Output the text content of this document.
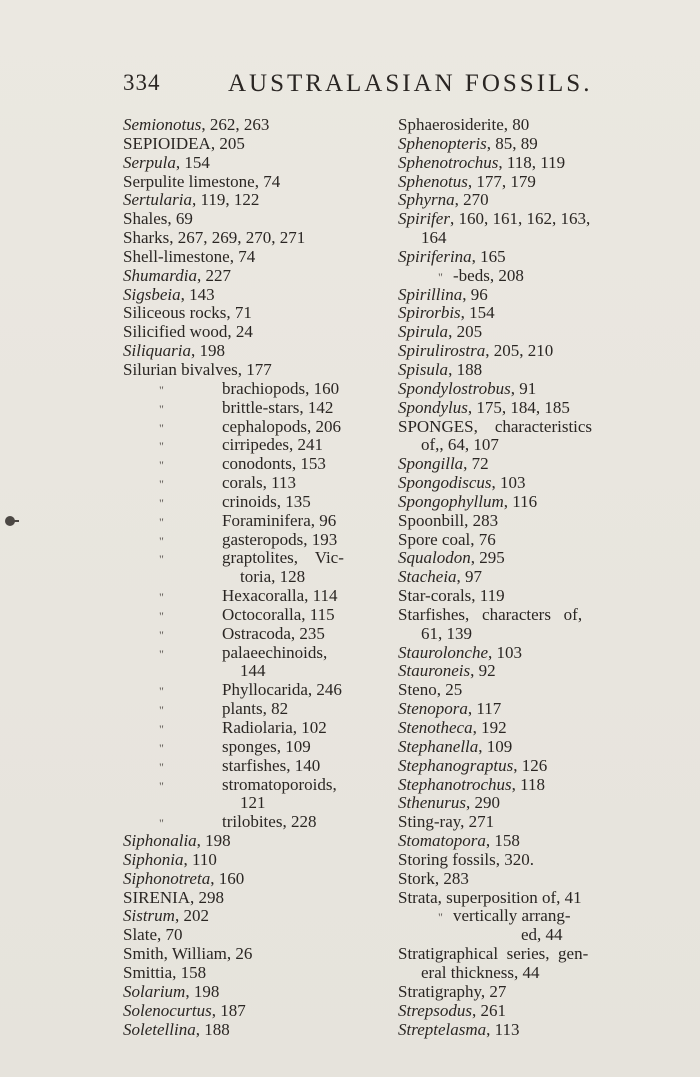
334	AUSTRALASIAN FOSSILS.
Semionotus, 262, 263
SEPIOIDEA, 205
Serpula, 154
Serpulite limestone, 74
Sertularia, 119, 122
Shales, 69
Sharks, 267, 269, 270, 271
Shell-limestone, 74
Shumardia, 227
Sigsbeia, 143
Siliceous rocks, 71
Silicified wood, 24
Siliquaria, 198
Silurian bivalves, 177
"	brachiopods, 160
"	brittle-stars, 142
"	cephalopods, 206
"	cirripedes, 241
"	conodonts, 153
"	corals, 113
"	crinoids, 135
"	Foraminifera, 96
"	gasteropods, 193
"	graptolites,    Vic-
toria, 128
"	Hexacoralla, 114
"	Octocoralla, 115
"	Ostracoda, 235
"	palaeechinoids,
144
"	Phyllocarida, 246
"	plants, 82
"	Radiolaria, 102
"	sponges, 109
"	starfishes, 140
"	stromatoporoids,
121
"	trilobites, 228
Siphonalia, 198
Siphonia, 110
Siphonotreta, 160
SIRENIA, 298
Sistrum, 202
Slate, 70
Smith, William, 26
Smittia, 158
Solarium, 198
Solenocurtus, 187
Soletellina, 188
Sphaerosiderite, 80
Sphenopteris, 85, 89
Sphenotrochus, 118, 119
Sphenotus, 177, 179
Sphyrna, 270
Spirifer, 160, 161, 162, 163,
164
Spiriferina, 165
" -beds, 208
Spirillina, 96
Spirorbis, 154
Spirula, 205
Spirulirostra, 205, 210
Spisula, 188
Spondylostrobus, 91
Spondylus, 175, 184, 185
SPONGES,    characteristics
of,, 64, 107
Spongilla, 72
Spongodiscus, 103
Spongophyllum, 116
Spoonbill, 283
Spore coal, 76
Squalodon, 295
Stacheia, 97
Star-corals, 119
Starfishes,   characters   of,
61, 139
Staurolonche, 103
Stauroneis, 92
Steno, 25
Stenopora, 117
Stenotheca, 192
Stephanella, 109
Stephanograptus, 126
Stephanotrochus, 118
Sthenurus, 290
Sting-ray, 271
Stomatopora, 158
Storing fossils, 320.
Stork, 283
Strata, superposition of, 41
" vertically arrang-
ed, 44
Stratigraphical  series,  gen-
eral thickness, 44
Stratigraphy, 27
Strepsodus, 261
Streptelasma, 113
